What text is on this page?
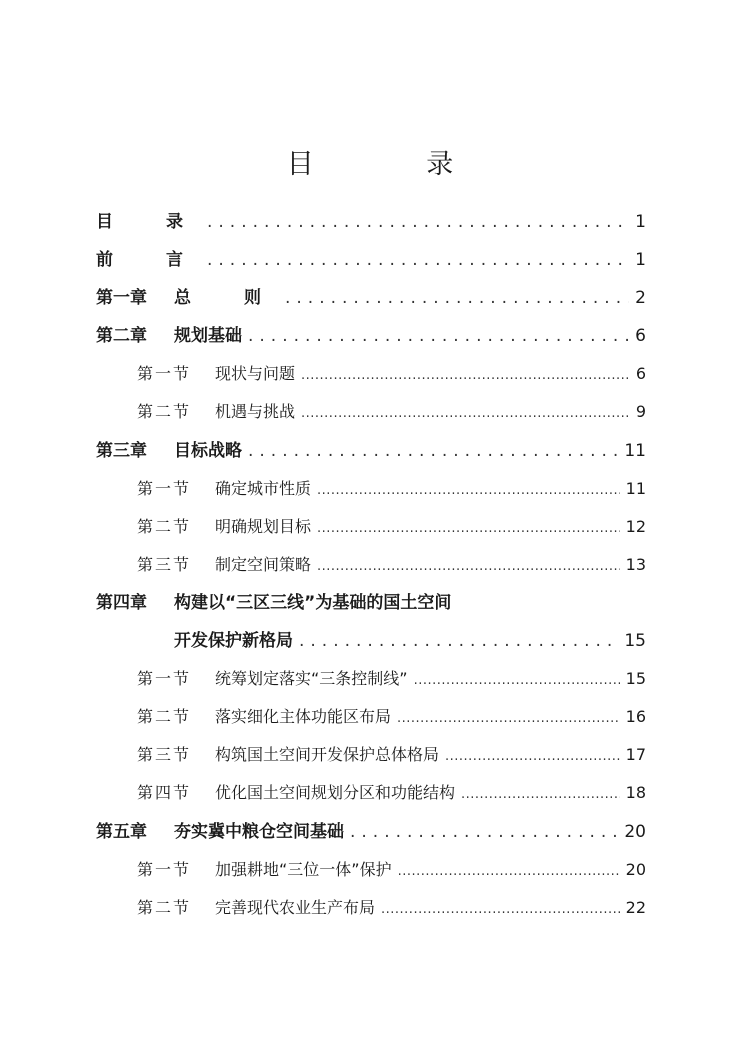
目 录
目　录 .....	1
前　言 .....	1
第一章	总　则 .....	2
第二章	规划基础 .....	6
第一节	现状与问题 .....	6
第二节	机遇与挑战 .....	9
第三章	目标战略 .....	11
第一节	确定城市性质 .....	11
第二节	明确规划目标 .....	12
第三节	制定空间策略 .....	13
第四章	构建以“三区三线”为基础的国土空间
开发保护新格局 .....	15
第一节	统筹划定落实“三条控制线” .....	15
第二节	落实细化主体功能区布局 .....	16
第三节	构筑国土空间开发保护总体格局 .....	17
第四节	优化国土空间规划分区和功能结构 .....	18
第五章	夯实冀中粮仓空间基础 .....	20
第一节	加强耕地“三位一体”保护 .....	20
第二节	完善现代农业生产布局 .....	22
